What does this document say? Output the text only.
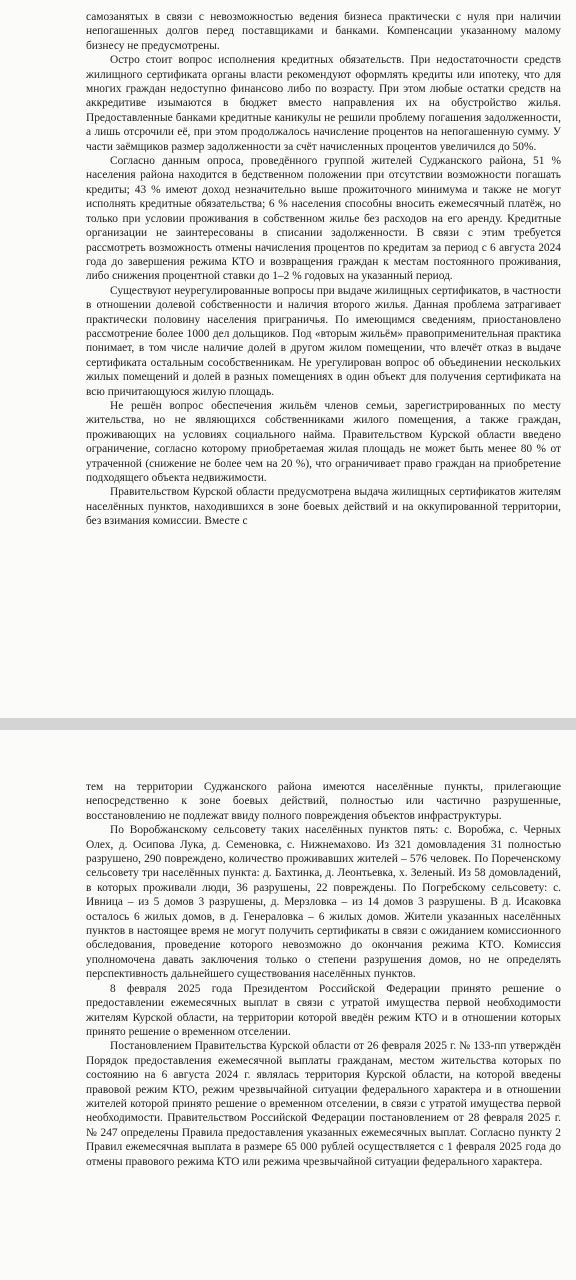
самозанятых в связи с невозможностью ведения бизнеса практически с нуля при наличии непогашенных долгов перед поставщиками и банками. Компенсации указанному малому бизнесу не предусмотрены.

Остро стоит вопрос исполнения кредитных обязательств. При недостаточности средств жилищного сертификата органы власти рекомендуют оформлять кредиты или ипотеку, что для многих граждан недоступно финансово либо по возрасту. При этом любые остатки средств на аккредитиве изымаются в бюджет вместо направления их на обустройство жилья. Предоставленные банками кредитные каникулы не решили проблему погашения задолженности, а лишь отсрочили её, при этом продолжалось начисление процентов на непогашенную сумму. У части заёмщиков размер задолженности за счёт начисленных процентов увеличился до 50%.

Согласно данным опроса, проведённого группой жителей Суджанского района, 51 % населения района находится в бедственном положении при отсутствии возможности погашать кредиты; 43 % имеют доход незначительно выше прожиточного минимума и также не могут исполнять кредитные обязательства; 6 % населения способны вносить ежемесячный платёж, но только при условии проживания в собственном жилье без расходов на его аренду. Кредитные организации не заинтересованы в списании задолженности. В связи с этим требуется рассмотреть возможность отмены начисления процентов по кредитам за период с 6 августа 2024 года до завершения режима КТО и возвращения граждан к местам постоянного проживания, либо снижения процентной ставки до 1–2 % годовых на указанный период.

Существуют неурегулированные вопросы при выдаче жилищных сертификатов, в частности в отношении долевой собственности и наличия второго жилья. Данная проблема затрагивает практически половину населения приграничья. По имеющимся сведениям, приостановлено рассмотрение более 1000 дел дольщиков. Под «вторым жильём» правоприменительная практика понимает, в том числе наличие долей в другом жилом помещении, что влечёт отказ в выдаче сертификата остальным сособственникам. Не урегулирован вопрос об объединении нескольких жилых помещений и долей в разных помещениях в один объект для получения сертификата на всю причитающуюся жилую площадь.

Не решён вопрос обеспечения жильём членов семьи, зарегистрированных по месту жительства, но не являющихся собственниками жилого помещения, а также граждан, проживающих на условиях социального найма. Правительством Курской области введено ограничение, согласно которому приобретаемая жилая площадь не может быть менее 80 % от утраченной (снижение не более чем на 20 %), что ограничивает право граждан на приобретение подходящего объекта недвижимости.

Правительством Курской области предусмотрена выдача жилищных сертификатов жителям населённых пунктов, находившихся в зоне боевых действий и на оккупированной территории, без взимания комиссии. Вместе с

тем на территории Суджанского района имеются населённые пункты, прилегающие непосредственно к зоне боевых действий, полностью или частично разрушенные, восстановлению не подлежат ввиду полного повреждения объектов инфраструктуры.

По Воробжанскому сельсовету таких населённых пунктов пять: с. Воробжа, с. Черных Олех, д. Осипова Лука, д. Семеновка, с. Нижнемахово. Из 321 домовладения 31 полностью разрушено, 290 повреждено, количество проживавших жителей – 576 человек. По Пореченскому сельсовету три населённых пункта: д. Бахтинка, д. Леонтьевка, х. Зеленый. Из 58 домовладений, в которых проживали люди, 36 разрушены, 22 повреждены. По Погребскому сельсовету: с. Ивница – из 5 домов 3 разрушены, д. Мерзловка – из 14 домов 3 разрушены. В д. Исаковка осталось 6 жилых домов, в д. Генераловка – 6 жилых домов. Жители указанных населённых пунктов в настоящее время не могут получить сертификаты в связи с ожиданием комиссионного обследования, проведение которого невозможно до окончания режима КТО. Комиссия уполномочена давать заключения только о степени разрушения домов, но не определять перспективность дальнейшего существования населённых пунктов.

8 февраля 2025 года Президентом Российской Федерации принято решение о предоставлении ежемесячных выплат в связи с утратой имущества первой необходимости жителям Курской области, на территории которой введён режим КТО и в отношении которых принято решение о временном отселении.

Постановлением Правительства Курской области от 26 февраля 2025 г. № 133-пп утверждён Порядок предоставления ежемесячной выплаты гражданам, местом жительства которых по состоянию на 6 августа 2024 г. являлась территория Курской области, на которой введены правовой режим КТО, режим чрезвычайной ситуации федерального характера и в отношении жителей которой принято решение о временном отселении, в связи с утратой имущества первой необходимости. Правительством Российской Федерации постановлением от 28 февраля 2025 г. № 247 определены Правила предоставления указанных ежемесячных выплат. Согласно пункту 2 Правил ежемесячная выплата в размере 65 000 рублей осуществляется с 1 февраля 2025 года до отмены правового режима КТО или режима чрезвычайной ситуации федерального характера.
